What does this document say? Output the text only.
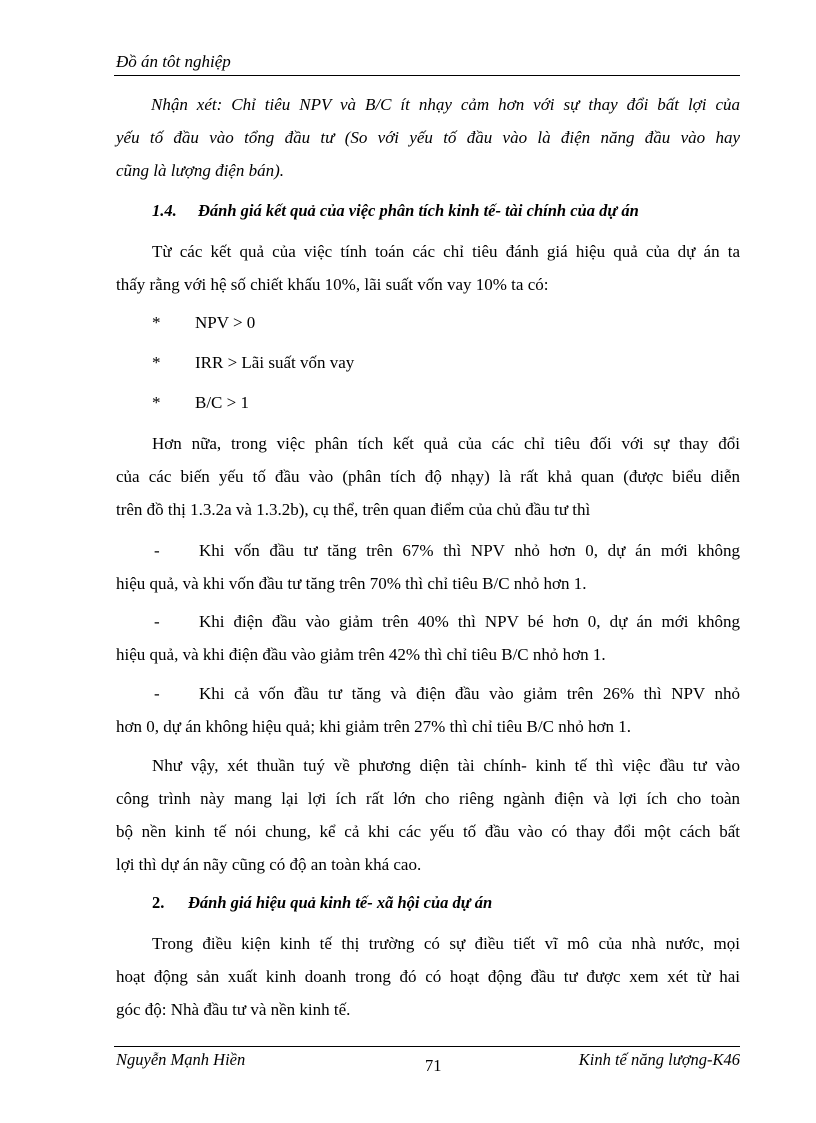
Đồ án tôt nghiệp
Nhận xét: Chỉ tiêu NPV và B/C ít nhạy cảm hơn với sự thay đổi bất lợi của
yếu tố đầu vào tổng đầu tư (So với yếu tố đầu vào là điện năng đầu vào hay
cũng là lượng điện bán).
1.4. Đánh giá kết quả của việc phân tích kinh tế- tài chính của dự án
Từ các kết quả của việc tính toán các chỉ tiêu đánh giá hiệu quả của dự án ta
thấy rằng với hệ số chiết khấu 10%, lãi suất vốn vay 10% ta có:
* NPV > 0
* IRR > Lãi suất vốn vay
* B/C > 1
Hơn nữa, trong việc phân tích kết quả của các chỉ tiêu đối với sự thay đổi
của các biến yếu tố đầu vào (phân tích độ nhạy) là rất khả quan (được biểu diễn
trên đồ thị 1.3.2a và 1.3.2b), cụ thể, trên quan điểm của chủ đầu tư thì
- Khi vốn đầu tư tăng trên 67% thì NPV nhỏ hơn 0, dự án mới không
hiệu quả, và khi vốn đầu tư tăng trên 70% thì chỉ tiêu B/C nhỏ hơn 1.
- Khi điện đầu vào giảm trên 40% thì NPV bé hơn 0, dự án mới không
hiệu quả, và khi điện đầu vào giảm trên 42% thì chỉ tiêu B/C nhỏ hơn 1.
- Khi cả vốn đầu tư tăng và điện đầu vào giảm trên 26% thì NPV nhỏ
hơn 0, dự án không hiệu quả; khi giảm trên 27% thì chỉ tiêu B/C nhỏ hơn 1.
Như vậy, xét thuần tuý về phương diện tài chính- kinh tế thì việc đầu tư vào
công trình này mang lại lợi ích rất lớn cho riêng ngành điện và lợi ích cho toàn
bộ nền kinh tế nói chung, kể cả khi các yếu tố đầu vào có thay đổi một cách bất
lợi thì dự án nãy cũng có độ an toàn khá cao.
2. Đánh giá hiệu quả kinh tế- xã hội của dự án
Trong điều kiện kinh tế thị trường có sự điều tiết vĩ mô của nhà nước, mọi
hoạt động sản xuất kinh doanh trong đó có hoạt động đầu tư được xem xét từ hai
góc độ: Nhà đầu tư và nền kinh tế.
Nguyễn Mạnh Hiền	71	Kinh tế năng lượng-K46
